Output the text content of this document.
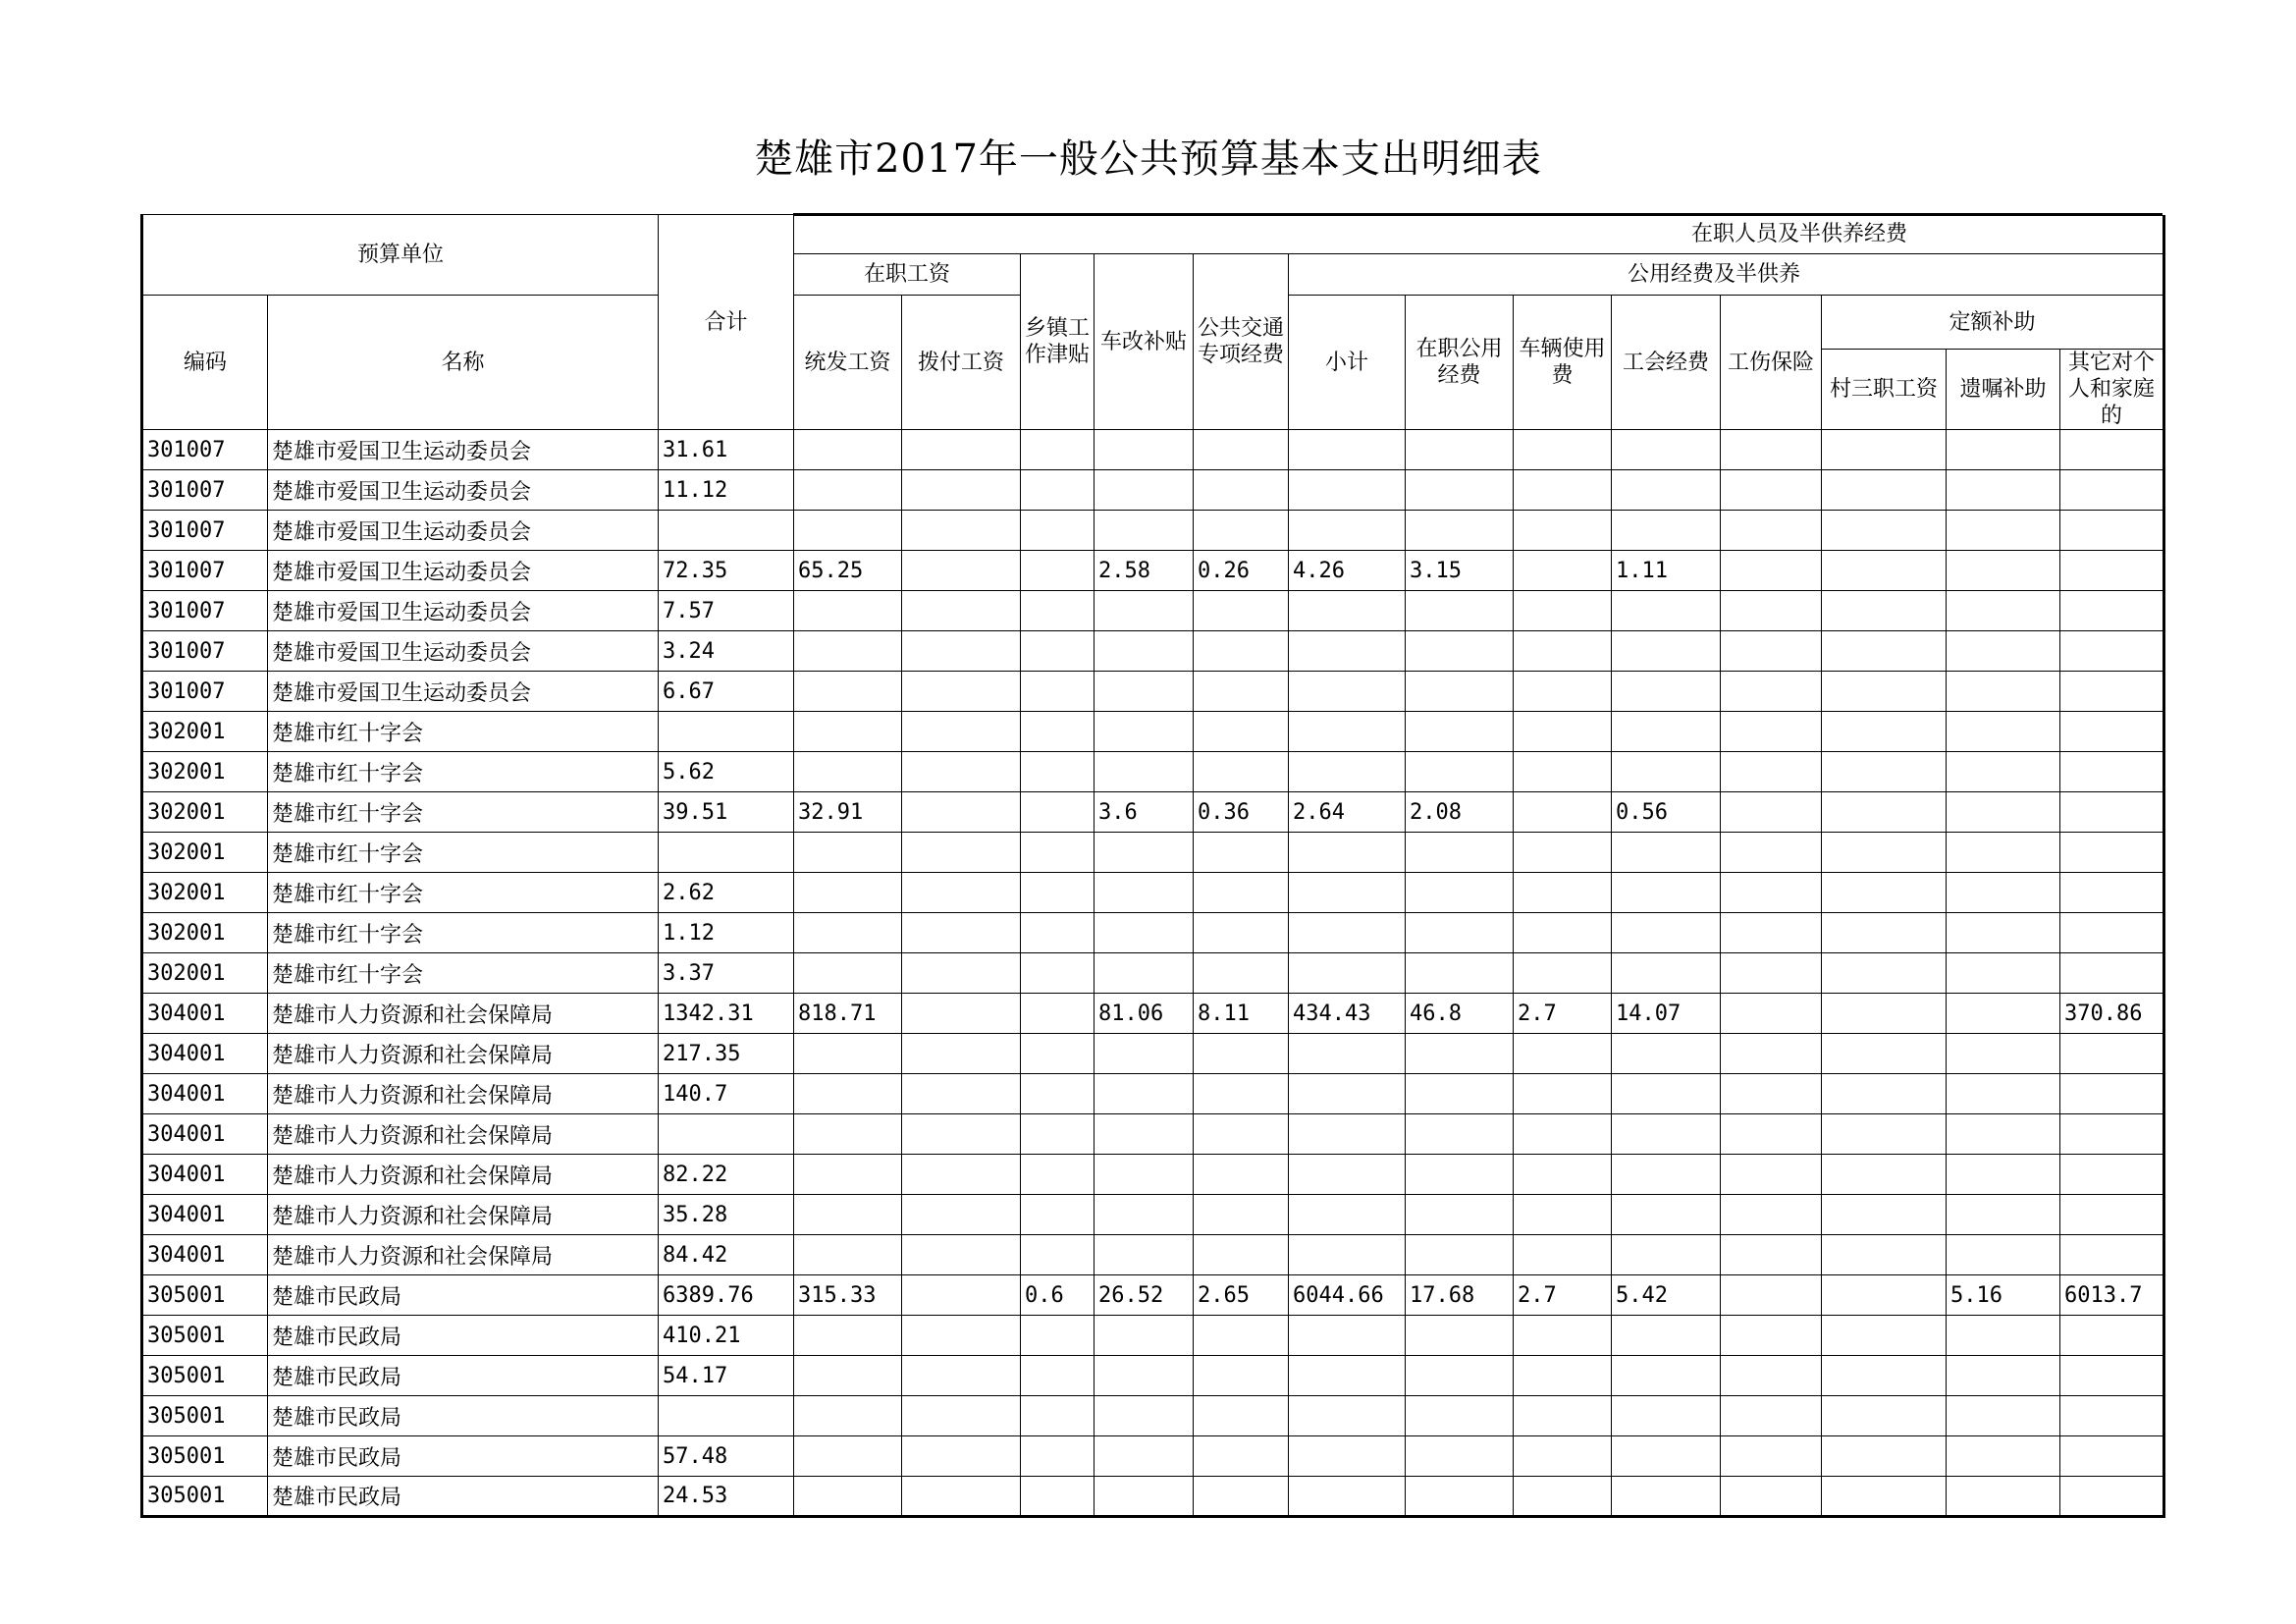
楚雄市2017年一般公共预算基本支出明细表
预算单位		合计	在职人员及半供养经费												
			在职工资		乡镇工作津贴	车改补贴	公共交通专项经费	公用经费及半供养							
编码	名称		统发工资	拨付工资				小计	在职公用经费	车辆使用费	工会经费	工伤保险	定额补助		
													村三职工资	遗嘱补助	其它对个人和家庭的
301007	楚雄市爱国卫生运动委员会	31.61													
301007	楚雄市爱国卫生运动委员会	11.12													
301007	楚雄市爱国卫生运动委员会														
301007	楚雄市爱国卫生运动委员会	72.35	65.25			2.58	0.26	4.26	3.15		1.11				
301007	楚雄市爱国卫生运动委员会	7.57													
301007	楚雄市爱国卫生运动委员会	3.24													
301007	楚雄市爱国卫生运动委员会	6.67													
302001	楚雄市红十字会														
302001	楚雄市红十字会	5.62													
302001	楚雄市红十字会	39.51	32.91			3.6	0.36	2.64	2.08		0.56				
302001	楚雄市红十字会														
302001	楚雄市红十字会	2.62													
302001	楚雄市红十字会	1.12													
302001	楚雄市红十字会	3.37													
304001	楚雄市人力资源和社会保障局	1342.31	818.71			81.06	8.11	434.43	46.8	2.7	14.07				370.86
304001	楚雄市人力资源和社会保障局	217.35													
304001	楚雄市人力资源和社会保障局	140.7													
304001	楚雄市人力资源和社会保障局														
304001	楚雄市人力资源和社会保障局	82.22													
304001	楚雄市人力资源和社会保障局	35.28													
304001	楚雄市人力资源和社会保障局	84.42													
305001	楚雄市民政局	6389.76	315.33		0.6	26.52	2.65	6044.66	17.68	2.7	5.42			5.16	6013.7
305001	楚雄市民政局	410.21													
305001	楚雄市民政局	54.17													
305001	楚雄市民政局														
305001	楚雄市民政局	57.48													
305001	楚雄市民政局	24.53													
